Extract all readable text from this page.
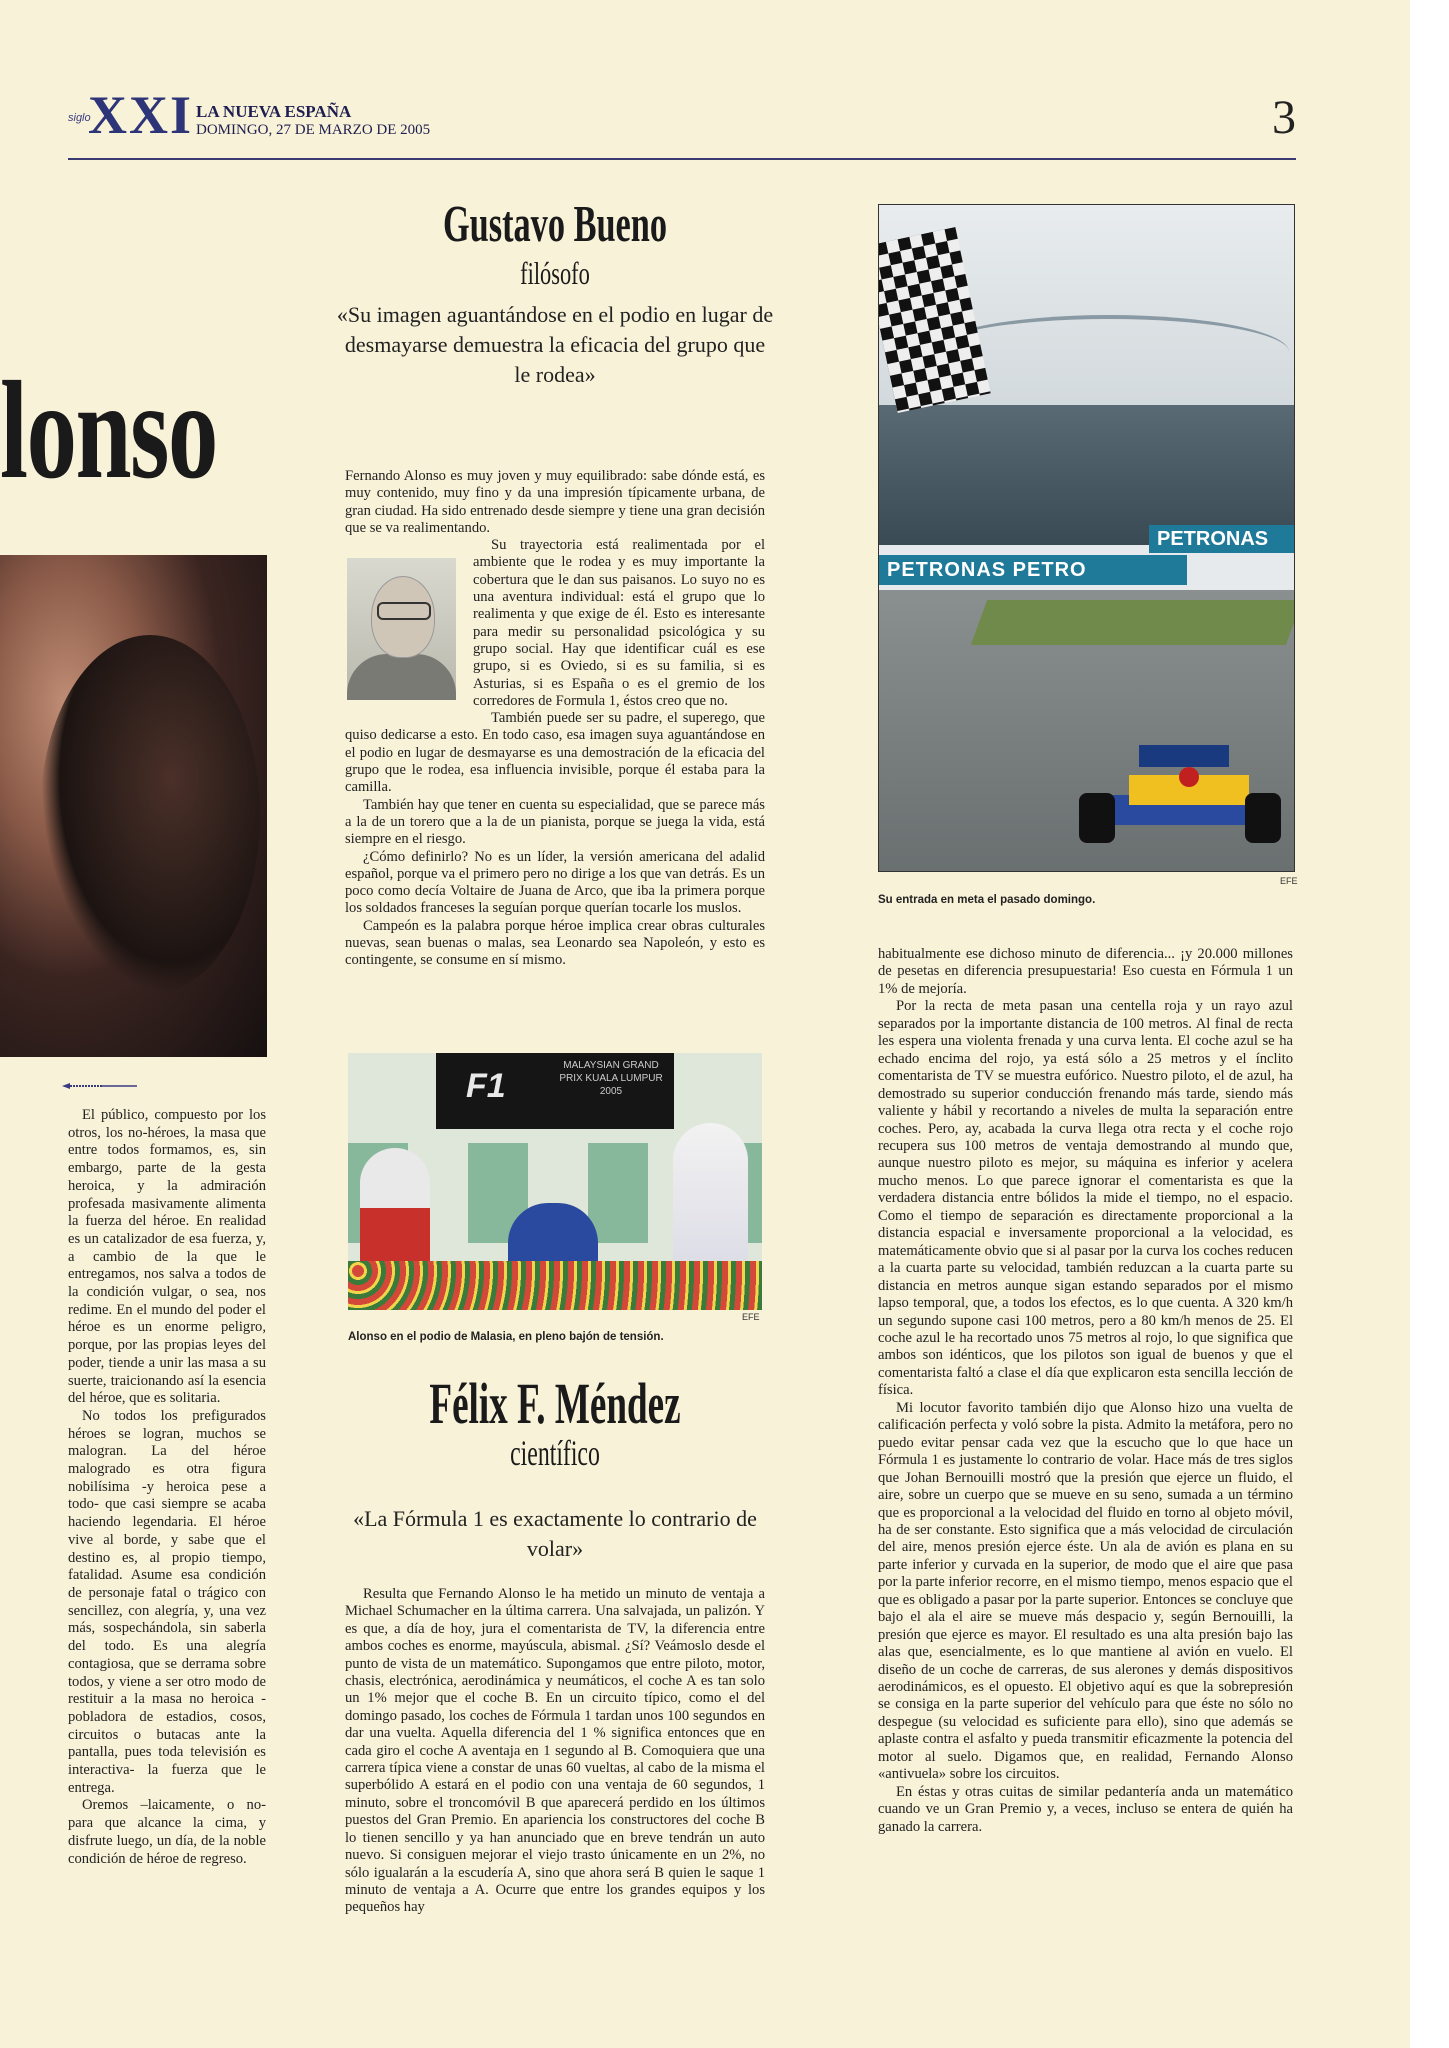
siglo
XXI LA NUEVA ESPAÑA
DOMINGO, 27 DE MARZO DE 2005	3
lonso

El público, compuesto por los otros, los no-héroes, la masa que entre todos formamos, es, sin embargo, parte de la gesta heroica, y la admiración profesada masivamente alimenta la fuerza del héroe. En realidad es un catalizador de esa fuerza, y, a cambio de la que le entregamos, nos salva a todos de la condición vulgar, o sea, nos redime. En el mundo del poder el héroe es un enorme peligro, porque, por las propias leyes del poder, tiende a unir las masa a su suerte, traicionando así la esencia del héroe, que es solitaria.

No todos los prefigurados héroes se logran, muchos se malogran. La del héroe malogrado es otra figura nobilísima -y heroica pese a todo- que casi siempre se acaba haciendo legendaria. El héroe vive al borde, y sabe que el destino es, al propio tiempo, fatalidad. Asume esa condición de personaje fatal o trágico con sencillez, con alegría, y, una vez más, sospechándola, sin saberla del todo. Es una alegría contagiosa, que se derrama sobre todos, y viene a ser otro modo de restituir a la masa no heroica -pobladora de estadios, cosos, circuitos o butacas ante la pantalla, pues toda televisión es interactiva- la fuerza que le entrega.

Oremos –laicamente, o no- para que alcance la cima, y disfrute luego, un día, de la noble condición de héroe de regreso.

Gustavo Bueno
filósofo
«Su imagen aguantándose en el podio en lugar de desmayarse demuestra la eficacia del grupo que le rodea»

Fernando Alonso es muy joven y muy equilibrado: sabe dónde está, es muy contenido, muy fino y da una impresión típicamente urbana, de gran ciudad. Ha sido entrenado desde siempre y tiene una gran decisión que se va realimentando.

Su trayectoria está realimentada por el ambiente que le rodea y es muy importante la cobertura que le dan sus paisanos. Lo suyo no es una aventura individual: está el grupo que lo realimenta y que exige de él. Esto es interesante para medir su personalidad psicológica y su grupo social. Hay que identificar cuál es ese grupo, si es Oviedo, si es su familia, si es Asturias, si es España o es el gremio de los corredores de Formula 1, éstos creo que no.

También puede ser su padre, el superego, que quiso dedicarse a esto. En todo caso, esa imagen suya aguantándose en el podio en lugar de desmayarse es una demostración de la eficacia del grupo que le rodea, esa influencia invisible, porque él estaba para la camilla.

También hay que tener en cuenta su especialidad, que se parece más a la de un torero que a la de un pianista, porque se juega la vida, está siempre en el riesgo.

¿Cómo definirlo? No es un líder, la versión americana del adalid español, porque va el primero pero no dirige a los que van detrás. Es un poco como decía Voltaire de Juana de Arco, que iba la primera porque los soldados franceses la seguían porque querían tocarle los muslos.

Campeón es la palabra porque héroe implica crear obras culturales nuevas, sean buenas o malas, sea Leonardo sea Napoleón, y esto es contingente, se consume en sí mismo.

F1
MALAYSIAN GRAND PRIX KUALA LUMPUR 2005
EFE
Alonso en el podio de Malasia, en pleno bajón de tensión.
Félix F. Méndez
científico
«La Fórmula 1 es exactamente lo contrario de volar»

Resulta que Fernando Alonso le ha metido un minuto de ventaja a Michael Schumacher en la última carrera. Una salvajada, un palizón. Y es que, a día de hoy, jura el comentarista de TV, la diferencia entre ambos coches es enorme, mayúscula, abismal. ¿Sí? Veámoslo desde el punto de vista de un matemático. Supongamos que entre piloto, motor, chasis, electrónica, aerodinámica y neumáticos, el coche A es tan solo un 1% mejor que el coche B. En un circuito típico, como el del domingo pasado, los coches de Fórmula 1 tardan unos 100 segundos en dar una vuelta. Aquella diferencia del 1 % significa entonces que en cada giro el coche A aventaja en 1 segundo al B. Comoquiera que una carrera típica viene a constar de unas 60 vueltas, al cabo de la misma el superbólido A estará en el podio con una ventaja de 60 segundos, 1 minuto, sobre el troncomóvil B que aparecerá perdido en los últimos puestos del Gran Premio. En apariencia los constructores del coche B lo tienen sencillo y ya han anunciado que en breve tendrán un auto nuevo. Si consiguen mejorar el viejo trasto únicamente en un 2%, no sólo igualarán a la escudería A, sino que ahora será B quien le saque 1 minuto de ventaja a A. Ocurre que entre los grandes equipos y los pequeños hay

PETRONAS
PETRONAS PETRO
EFE
Su entrada en meta el pasado domingo.

habitualmente ese dichoso minuto de diferencia... ¡y 20.000 millones de pesetas en diferencia presupuestaria! Eso cuesta en Fórmula 1 un 1% de mejoría.

Por la recta de meta pasan una centella roja y un rayo azul separados por la importante distancia de 100 metros. Al final de recta les espera una violenta frenada y una curva lenta. El coche azul se ha echado encima del rojo, ya está sólo a 25 metros y el ínclito comentarista de TV se muestra eufórico. Nuestro piloto, el de azul, ha demostrado su superior conducción frenando más tarde, siendo más valiente y hábil y recortando a niveles de multa la separación entre coches. Pero, ay, acabada la curva llega otra recta y el coche rojo recupera sus 100 metros de ventaja demostrando al mundo que, aunque nuestro piloto es mejor, su máquina es inferior y acelera mucho menos. Lo que parece ignorar el comentarista es que la verdadera distancia entre bólidos la mide el tiempo, no el espacio. Como el tiempo de separación es directamente proporcional a la distancia espacial e inversamente proporcional a la velocidad, es matemáticamente obvio que si al pasar por la curva los coches reducen a la cuarta parte su velocidad, también reduzcan a la cuarta parte su distancia en metros aunque sigan estando separados por el mismo lapso temporal, que, a todos los efectos, es lo que cuenta. A 320 km/h un segundo supone casi 100 metros, pero a 80 km/h menos de 25. El coche azul le ha recortado unos 75 metros al rojo, lo que significa que ambos son idénticos, que los pilotos son igual de buenos y que el comentarista faltó a clase el día que explicaron esta sencilla lección de física.

Mi locutor favorito también dijo que Alonso hizo una vuelta de calificación perfecta y voló sobre la pista. Admito la metáfora, pero no puedo evitar pensar cada vez que la escucho que lo que hace un Fórmula 1 es justamente lo contrario de volar. Hace más de tres siglos que Johan Bernouilli mostró que la presión que ejerce un fluido, el aire, sobre un cuerpo que se mueve en su seno, sumada a un término que es proporcional a la velocidad del fluido en torno al objeto móvil, ha de ser constante. Esto significa que a más velocidad de circulación del aire, menos presión ejerce éste. Un ala de avión es plana en su parte inferior y curvada en la superior, de modo que el aire que pasa por la parte inferior recorre, en el mismo tiempo, menos espacio que el que es obligado a pasar por la parte superior. Entonces se concluye que bajo el ala el aire se mueve más despacio y, según Bernouilli, la presión que ejerce es mayor. El resultado es una alta presión bajo las alas que, esencialmente, es lo que mantiene al avión en vuelo. El diseño de un coche de carreras, de sus alerones y demás dispositivos aerodinámicos, es el opuesto. El objetivo aquí es que la sobrepresión se consiga en la parte superior del vehículo para que éste no sólo no despegue (su velocidad es suficiente para ello), sino que además se aplaste contra el asfalto y pueda transmitir eficazmente la potencia del motor al suelo. Digamos que, en realidad, Fernando Alonso «antivuela» sobre los circuitos.

En éstas y otras cuitas de similar pedantería anda un matemático cuando ve un Gran Premio y, a veces, incluso se entera de quién ha ganado la carrera.
